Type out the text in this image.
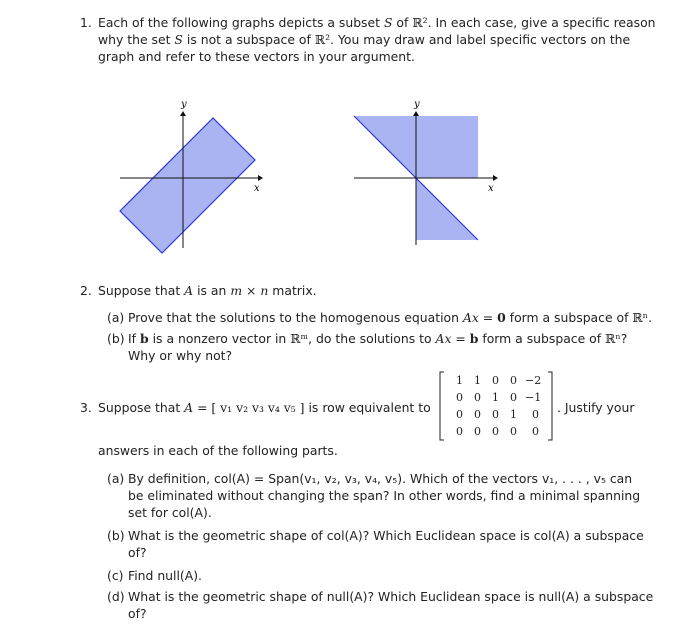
1. Each of the following graphs depicts a subset S of ℝ². In each case, give a specific reason
why the set S is not a subspace of ℝ². You may draw and label specific vectors on the
graph and refer to these vectors in your argument.
x
y
x
y
2. Suppose that A is an m × n matrix.
(a) Prove that the solutions to the homogenous equation Ax = 0 form a subspace of ℝⁿ.
(b) If b is a nonzero vector in ℝᵐ, do the solutions to Ax = b form a subspace of ℝⁿ?
Why or why not?
3. Suppose that A = [ v₁ v₂ v₃ v₄ v₅ ] is row equivalent to
1	1	0	0 −2
0	0	1	0 −1
0	0	0	1	0
0	0	0	0	0
. Justify your
answers in each of the following parts.
(a) By definition, col(A) = Span(v₁, v₂, v₃, v₄, v₅). Which of the vectors v₁, . . . , v₅ can
be eliminated without changing the span? In other words, find a minimal spanning
set for col(A).
(b) What is the geometric shape of col(A)? Which Euclidean space is col(A) a subspace
of?
(c) Find null(A).
(d) What is the geometric shape of null(A)? Which Euclidean space is null(A) a subspace
of?
